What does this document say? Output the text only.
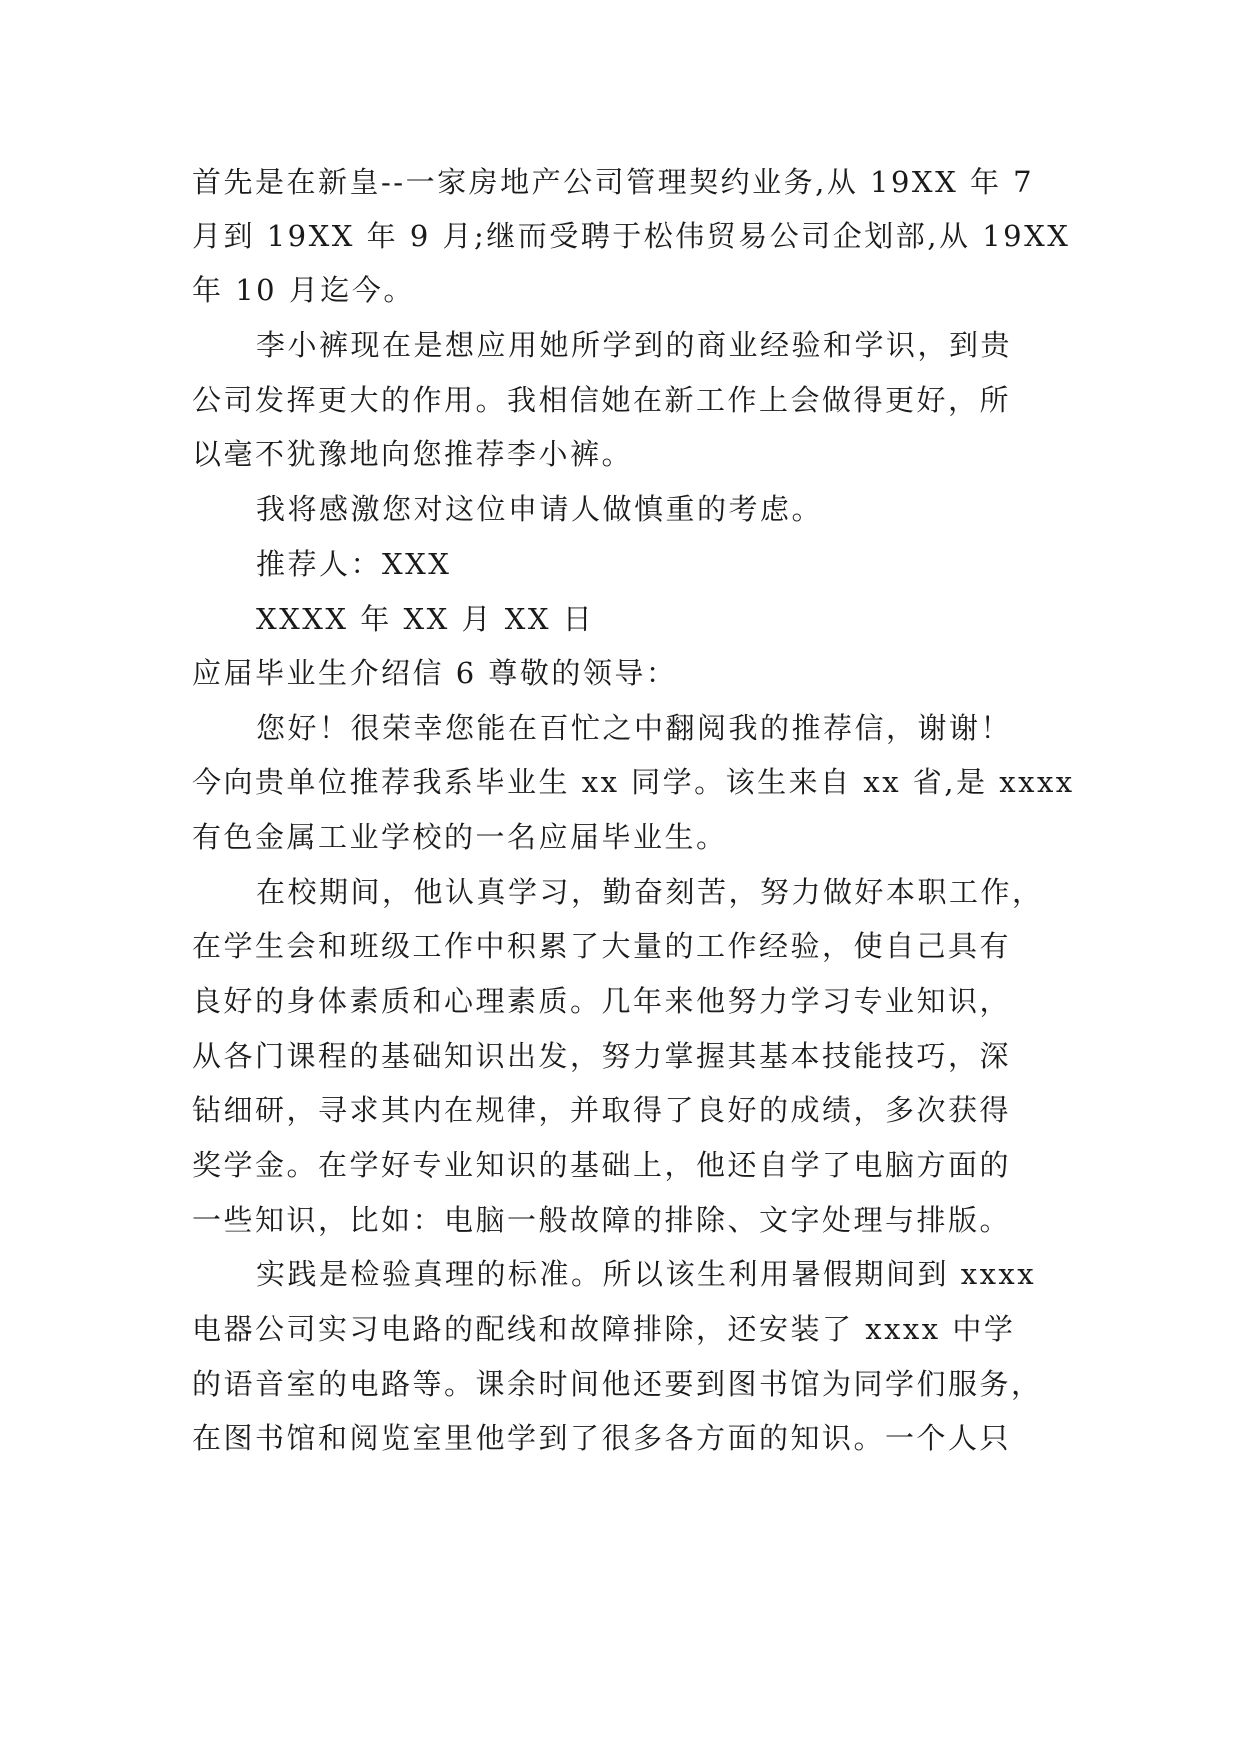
首先是在新皇--一家房地产公司管理契约业务,从 19XX 年 7
月到 19XX 年 9 月;继而受聘于松伟贸易公司企划部,从 19XX
年 10 月迄今。
李小裤现在是想应用她所学到的商业经验和学识，到贵
公司发挥更大的作用。我相信她在新工作上会做得更好，所
以毫不犹豫地向您推荐李小裤。
我将感激您对这位申请人做慎重的考虑。
推荐人：XXX
XXXX 年 XX 月 XX 日
应届毕业生介绍信 6 尊敬的领导：
您好！很荣幸您能在百忙之中翻阅我的推荐信，谢谢！
今向贵单位推荐我系毕业生 xx 同学。该生来自 xx 省,是 xxxx
有色金属工业学校的一名应届毕业生。
在校期间，他认真学习，勤奋刻苦，努力做好本职工作，
在学生会和班级工作中积累了大量的工作经验，使自己具有
良好的身体素质和心理素质。几年来他努力学习专业知识，
从各门课程的基础知识出发，努力掌握其基本技能技巧，深
钻细研，寻求其内在规律，并取得了良好的成绩，多次获得
奖学金。在学好专业知识的基础上，他还自学了电脑方面的
一些知识，比如：电脑一般故障的排除、文字处理与排版。
实践是检验真理的标准。所以该生利用暑假期间到 xxxx
电器公司实习电路的配线和故障排除，还安装了 xxxx 中学
的语音室的电路等。课余时间他还要到图书馆为同学们服务，
在图书馆和阅览室里他学到了很多各方面的知识。一个人只
